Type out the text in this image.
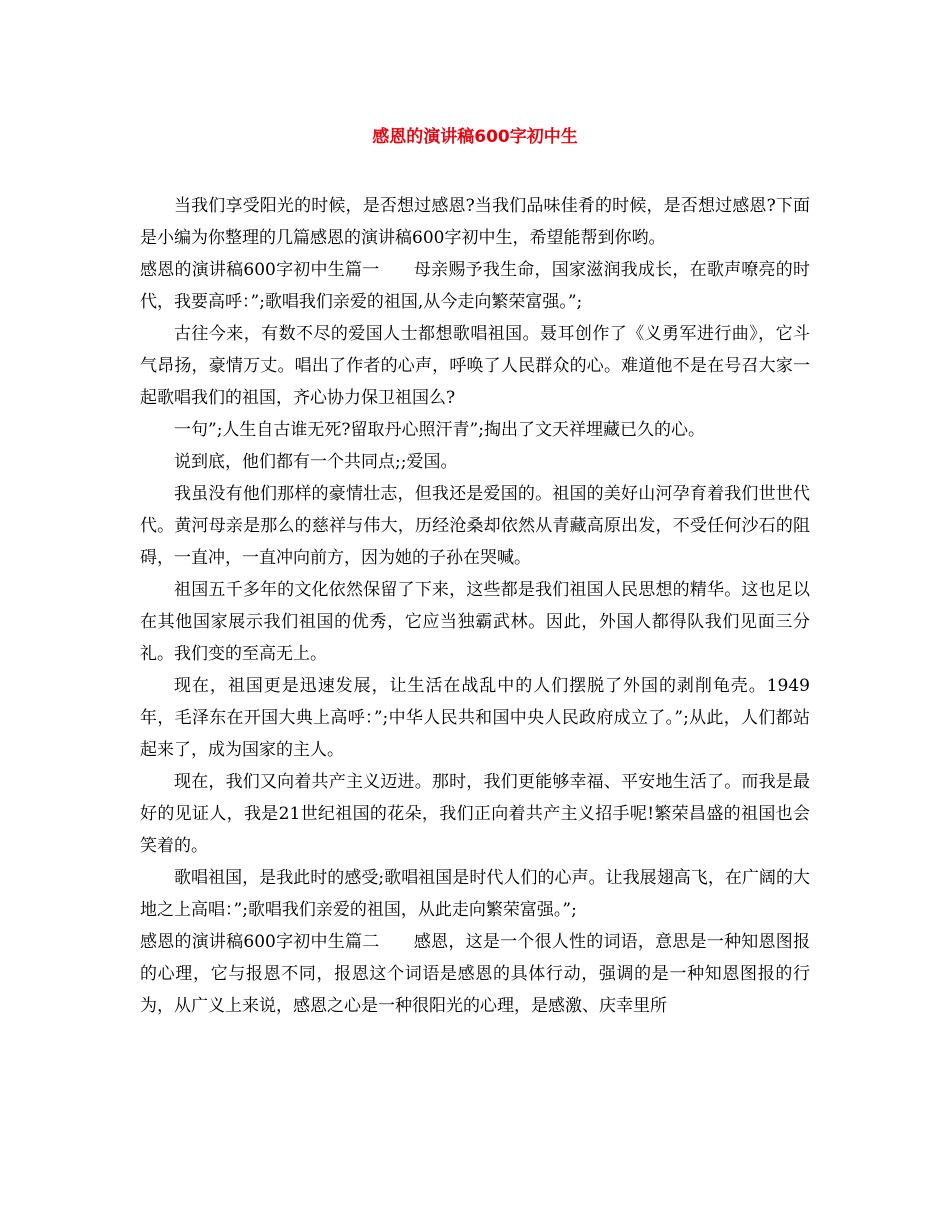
感恩的演讲稿600字初中生

当我们享受阳光的时候，是否想过感恩?当我们品味佳肴的时候，是否想过感恩?下面是小编为你整理的几篇感恩的演讲稿600字初中生，希望能帮到你哟。

感恩的演讲稿600字初中生篇一　　母亲赐予我生命，国家滋润我成长，在歌声嘹亮的时代，我要高呼：”;歌唱我们亲爱的祖国,从今走向繁荣富强。”;

古往今来，有数不尽的爱国人士都想歌唱祖国。聂耳创作了《义勇军进行曲》，它斗气昂扬，豪情万丈。唱出了作者的心声，呼唤了人民群众的心。难道他不是在号召大家一起歌唱我们的祖国，齐心协力保卫祖国么?

一句”;人生自古谁无死?留取丹心照汗青”;掏出了文天祥埋藏已久的心。

说到底，他们都有一个共同点;;爱国。

我虽没有他们那样的豪情壮志，但我还是爱国的。祖国的美好山河孕育着我们世世代代。黄河母亲是那么的慈祥与伟大，历经沧桑却依然从青藏高原出发，不受任何沙石的阻碍，一直冲，一直冲向前方，因为她的子孙在哭喊。

祖国五千多年的文化依然保留了下来，这些都是我们祖国人民思想的精华。这也足以在其他国家展示我们祖国的优秀，它应当独霸武林。因此，外国人都得队我们见面三分礼。我们变的至高无上。

现在，祖国更是迅速发展，让生活在战乱中的人们摆脱了外国的剥削龟壳。1949年，毛泽东在开国大典上高呼：”;中华人民共和国中央人民政府成立了。”;从此，人们都站起来了，成为国家的主人。

现在，我们又向着共产主义迈进。那时，我们更能够幸福、平安地生活了。而我是最好的见证人，我是21世纪祖国的花朵，我们正向着共产主义招手呢!繁荣昌盛的祖国也会笑着的。

歌唱祖国，是我此时的感受;歌唱祖国是时代人们的心声。让我展翅高飞，在广阔的大地之上高唱：”;歌唱我们亲爱的祖国，从此走向繁荣富强。”;

感恩的演讲稿600字初中生篇二　　感恩，这是一个很人性的词语，意思是一种知恩图报的心理，它与报恩不同，报恩这个词语是感恩的具体行动，强调的是一种知恩图报的行为，从广义上来说，感恩之心是一种很阳光的心理，是感激、庆幸里所
